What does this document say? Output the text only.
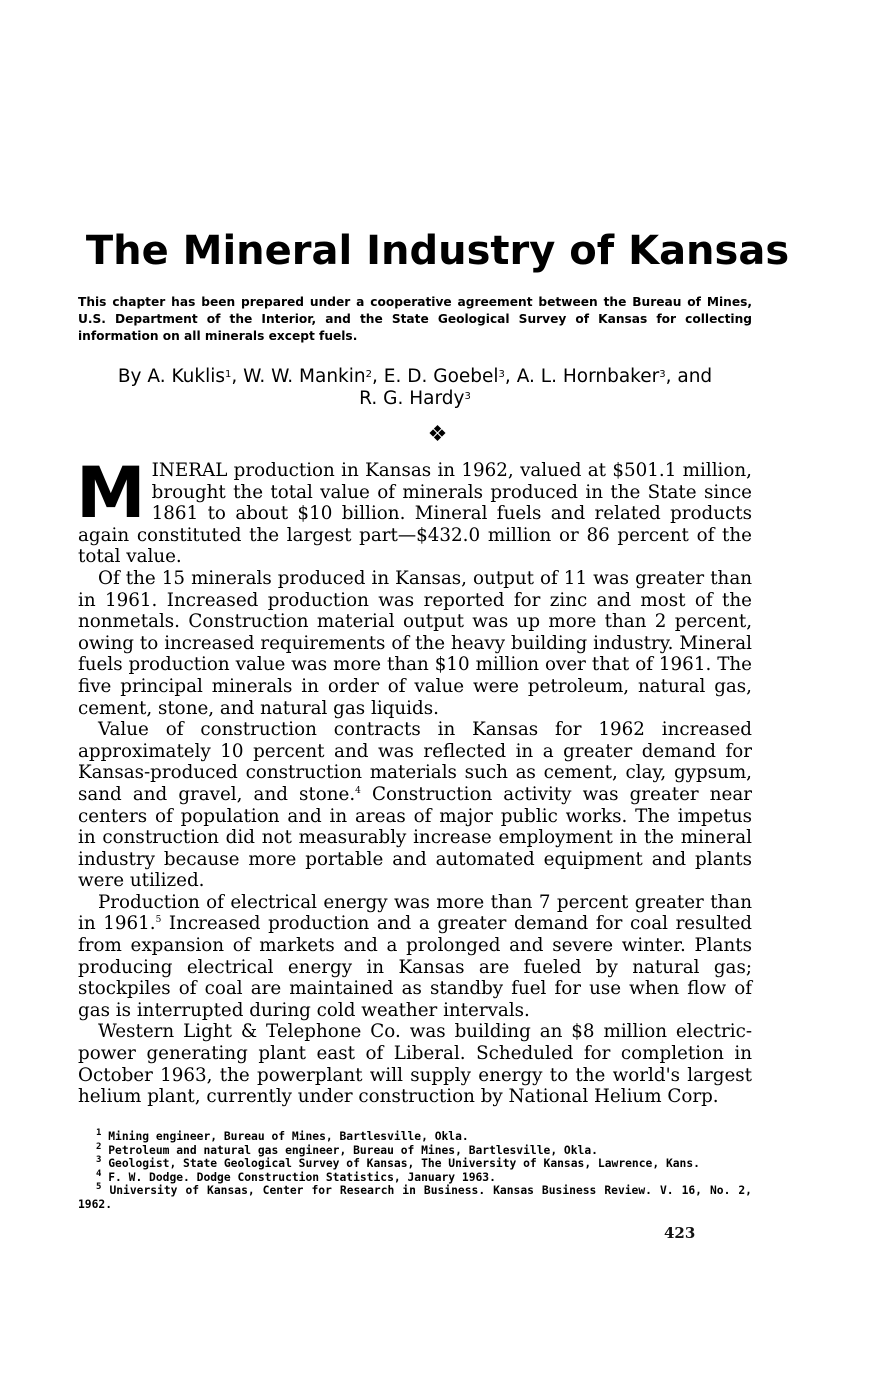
The Mineral Industry of Kansas
This chapter has been prepared under a cooperative agreement between the Bureau of Mines, U.S. Department of the Interior, and the State Geological Survey of Kansas for collecting information on all minerals except fuels.
By A. Kuklis$^1$, W. W. Mankin$^2$, E. D. Goebel$^3$, A. L. Hornbaker$^3$, and
R. G. Hardy$^3$
❖

MINERAL production in Kansas in 1962, valued at $501.1 million, brought the total value of minerals produced in the State since 1861 to about $10 billion. Mineral fuels and related products again constituted the largest part—$432.0 million or 86 percent of the total value.

Of the 15 minerals produced in Kansas, output of 11 was greater than in 1961. Increased production was reported for zinc and most of the nonmetals. Construction material output was up more than 2 percent, owing to increased requirements of the heavy building industry. Mineral fuels production value was more than $10 million over that of 1961. The five principal minerals in order of value were petroleum, natural gas, cement, stone, and natural gas liquids.

Value of construction contracts in Kansas for 1962 increased approximately 10 percent and was reflected in a greater demand for Kansas-produced construction materials such as cement, clay, gypsum, sand and gravel, and stone.$^4$ Construction activity was greater near centers of population and in areas of major public works. The impetus in construction did not measurably increase employment in the mineral industry because more portable and automated equipment and plants were utilized.

Production of electrical energy was more than 7 percent greater than in 1961.$^5$ Increased production and a greater demand for coal resulted from expansion of markets and a prolonged and severe winter. Plants producing electrical energy in Kansas are fueled by natural gas; stockpiles of coal are maintained as standby fuel for use when flow of gas is interrupted during cold weather intervals.

Western Light & Telephone Co. was building an $8 million electric-power generating plant east of Liberal. Scheduled for completion in October 1963, the powerplant will supply energy to the world's largest helium plant, currently under construction by National Helium Corp.

$^1$ Mining engineer, Bureau of Mines, Bartlesville, Okla.

$^2$ Petroleum and natural gas engineer, Bureau of Mines, Bartlesville, Okla.

$^3$ Geologist, State Geological Survey of Kansas, The University of Kansas, Lawrence, Kans.

$^4$ F. W. Dodge. Dodge Construction Statistics, January 1963.

$^5$ University of Kansas, Center for Research in Business. Kansas Business Review. V. 16, No. 2, 1962.

423
